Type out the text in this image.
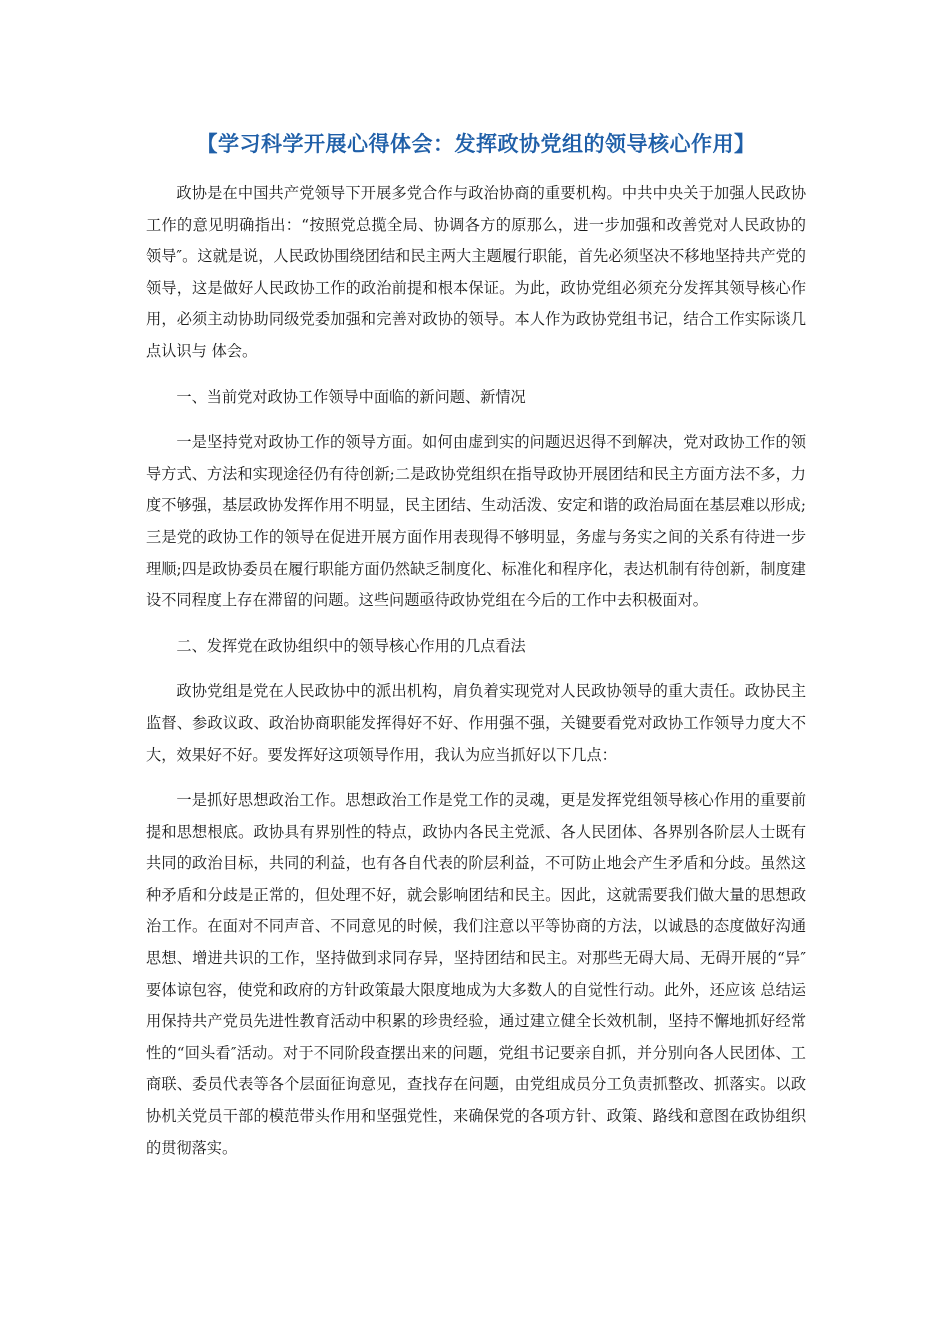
【学习科学开展心得体会：发挥政协党组的领导核心作用】

政协是在中国共产党领导下开展多党合作与政治协商的重要机构。中共中央关于加强人民政协工作的意见明确指出：“按照党总揽全局、协调各方的原那么，进一步加强和改善党对人民政协的领导″。这就是说，人民政协围绕团结和民主两大主题履行职能，首先必须坚决不移地坚持共产党的领导，这是做好人民政协工作的政治前提和根本保证。为此，政协党组必须充分发挥其领导核心作用，必须主动协助同级党委加强和完善对政协的领导。本人作为政协党组书记，结合工作实际谈几点认识与 体会。

一、当前党对政协工作领导中面临的新问题、新情况

一是坚持党对政协工作的领导方面。如何由虚到实的问题迟迟得不到解决，党对政协工作的领导方式、方法和实现途径仍有待创新;二是政协党组织在指导政协开展团结和民主方面方法不多，力度不够强，基层政协发挥作用不明显，民主团结、生动活泼、安定和谐的政治局面在基层难以形成;三是党的政协工作的领导在促进开展方面作用表现得不够明显，务虚与务实之间的关系有待进一步理顺;四是政协委员在履行职能方面仍然缺乏制度化、标准化和程序化，表达机制有待创新，制度建设不同程度上存在滞留的问题。这些问题亟待政协党组在今后的工作中去积极面对。

二、发挥党在政协组织中的领导核心作用的几点看法

政协党组是党在人民政协中的派出机构，肩负着实现党对人民政协领导的重大责任。政协民主监督、参政议政、政治协商职能发挥得好不好、作用强不强，关键要看党对政协工作领导力度大不大，效果好不好。要发挥好这项领导作用，我认为应当抓好以下几点：

一是抓好思想政治工作。思想政治工作是党工作的灵魂，更是发挥党组领导核心作用的重要前提和思想根底。政协具有界别性的特点，政协内各民主党派、各人民团体、各界别各阶层人士既有共同的政治目标，共同的利益，也有各自代表的阶层利益，不可防止地会产生矛盾和分歧。虽然这种矛盾和分歧是正常的，但处理不好，就会影响团结和民主。因此，这就需要我们做大量的思想政治工作。在面对不同声音、不同意见的时候，我们注意以平等协商的方法，以诚恳的态度做好沟通思想、增进共识的工作，坚持做到求同存异，坚持团结和民主。对那些无碍大局、无碍开展的“异″要体谅包容，使党和政府的方针政策最大限度地成为大多数人的自觉性行动。此外，还应该 总结运用保持共产党员先进性教育活动中积累的珍贵经验，通过建立健全长效机制，坚持不懈地抓好经常性的“回头看″活动。对于不同阶段查摆出来的问题，党组书记要亲自抓，并分别向各人民团体、工商联、委员代表等各个层面征询意见，查找存在问题，由党组成员分工负责抓整改、抓落实。以政协机关党员干部的模范带头作用和坚强党性，来确保党的各项方针、政策、路线和意图在政协组织的贯彻落实。
